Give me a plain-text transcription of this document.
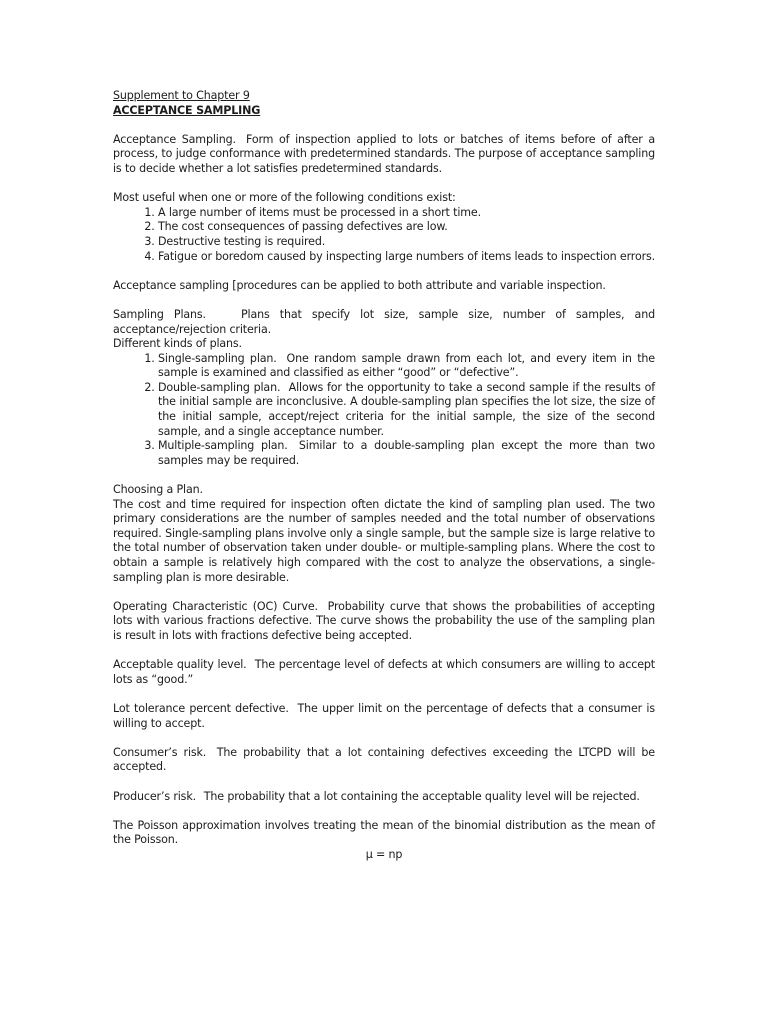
Supplement to Chapter 9
ACCEPTANCE SAMPLING

Acceptance Sampling. Form of inspection applied to lots or batches of items before of after a process, to judge conformance with predetermined standards. The purpose of acceptance sampling is to decide whether a lot satisfies predetermined standards.

Most useful when one or more of the following conditions exist:

1. A large number of items must be processed in a short time.
2. The cost consequences of passing defectives are low.
3. Destructive testing is required.
4. Fatigue or boredom caused by inspecting large numbers of items leads to inspection errors.

Acceptance sampling [procedures can be applied to both attribute and variable inspection.

Sampling Plans.	Plans that specify lot size, sample size, number of samples, and acceptance/rejection criteria.

Different kinds of plans.

1. Single-sampling plan. One random sample drawn from each lot, and every item in the sample is examined and classified as either “good” or “defective”.
2. Double-sampling plan. Allows for the opportunity to take a second sample if the results of the initial sample are inconclusive. A double-sampling plan specifies the lot size, the size of the initial sample, accept/reject criteria for the initial sample, the size of the second sample, and a single acceptance number.
3. Multiple-sampling plan. Similar to a double-sampling plan except the more than two samples may be required.

Choosing a Plan.

The cost and time required for inspection often dictate the kind of sampling plan used. The two primary considerations are the number of samples needed and the total number of observations required. Single-sampling plans involve only a single sample, but the sample size is large relative to the total number of observation taken under double- or multiple-sampling plans. Where the cost to obtain a sample is relatively high compared with the cost to analyze the observations, a single-sampling plan is more desirable.

Operating Characteristic (OC) Curve. Probability curve that shows the probabilities of accepting lots with various fractions defective. The curve shows the probability the use of the sampling plan is result in lots with fractions defective being accepted.

Acceptable quality level. The percentage level of defects at which consumers are willing to accept lots as “good.”

Lot tolerance percent defective. The upper limit on the percentage of defects that a consumer is willing to accept.

Consumer’s risk. The probability that a lot containing defectives exceeding the LTCPD will be accepted.

Producer’s risk. The probability that a lot containing the acceptable quality level will be rejected.

The Poisson approximation involves treating the mean of the binomial distribution as the mean of the Poisson.

μ = np
